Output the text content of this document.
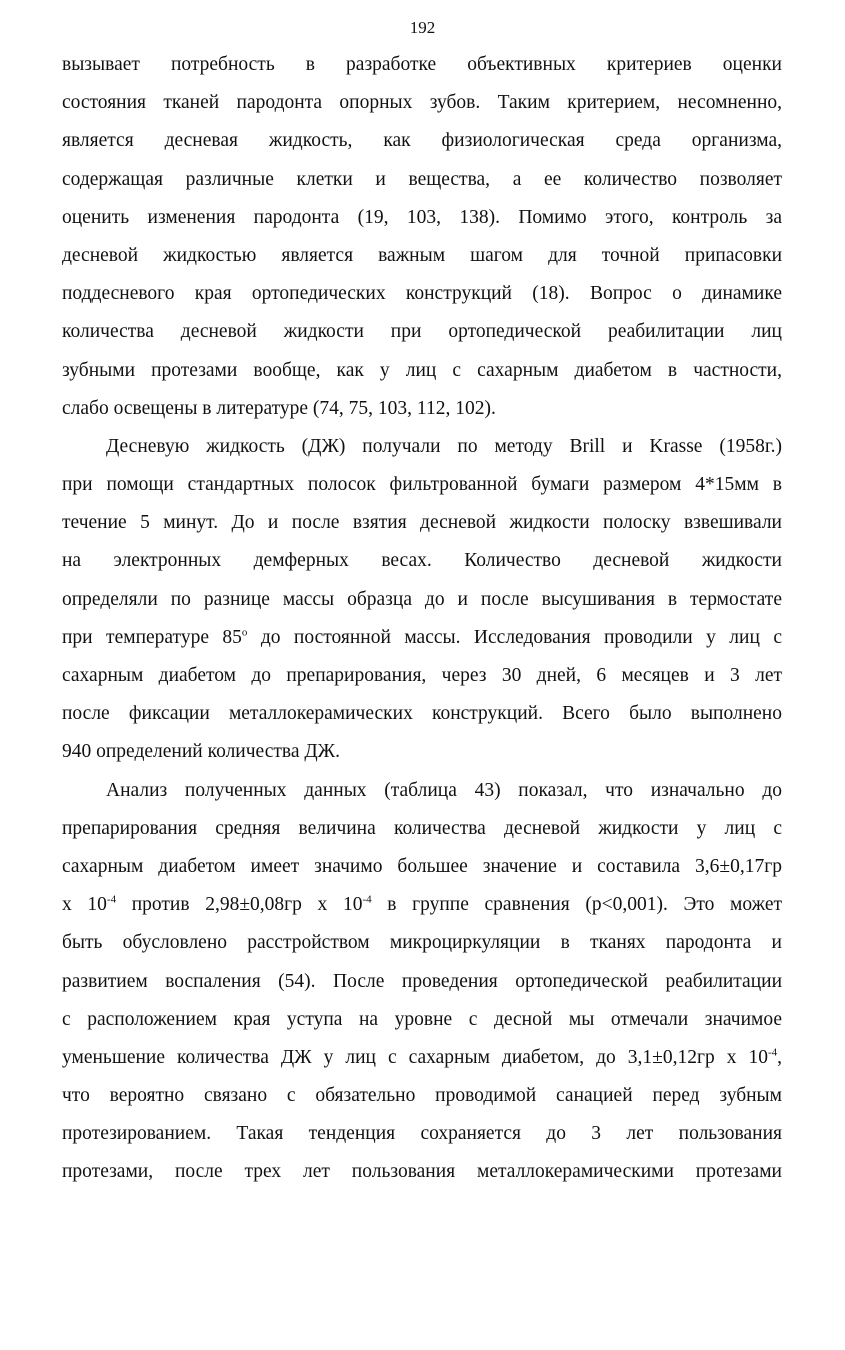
192
вызывает потребность в разработке объективных критериев оценки
состояния тканей пародонта опорных зубов. Таким критерием, несомненно,
является десневая жидкость, как физиологическая среда организма,
содержащая различные клетки и вещества, а ее количество позволяет
оценить изменения пародонта (19, 103, 138). Помимо этого, контроль за
десневой жидкостью является важным шагом для точной припасовки
поддесневого края ортопедических конструкций (18). Вопрос о динамике
количества десневой жидкости при ортопедической реабилитации лиц
зубными протезами вообще, как у лиц с сахарным диабетом в частности,
слабо освещены в литературе (74, 75, 103, 112, 102).
Десневую жидкость (ДЖ) получали по методу Brill и Krasse (1958г.)
при помощи стандартных полосок фильтрованной бумаги размером 4*15мм в
течение 5 минут. До и после взятия десневой жидкости полоску взвешивали
на электронных демферных весах. Количество десневой жидкости
определяли по разнице массы образца до и после высушивания в термостате
при температуре $85^о$ до постоянной массы. Исследования проводили у лиц с
сахарным диабетом до препарирования, через 30 дней, 6 месяцев и 3 лет
после фиксации металлокерамических конструкций. Всего было выполнено
940 определений количества ДЖ.
Анализ полученных данных (таблица 43) показал, что изначально до
препарирования средняя величина количества десневой жидкости у лиц с
сахарным диабетом имеет значимо большее значение и составила 3,6±0,17гр
х $10^{-4}$ против 2,98±0,08гр х $10^{-4}$ в группе сравнения (р<0,001). Это может
быть обусловлено расстройством микроциркуляции в тканях пародонта и
развитием воспаления (54). После проведения ортопедической реабилитации
с расположением края уступа на уровне с десной мы отмечали значимое
уменьшение количества ДЖ у лиц с сахарным диабетом, до 3,1±0,12гр х $10^{-4}$,
что вероятно связано с обязательно проводимой санацией перед зубным
протезированием. Такая тенденция сохраняется до 3 лет пользования
протезами, после трех лет пользования металлокерамическими протезами
